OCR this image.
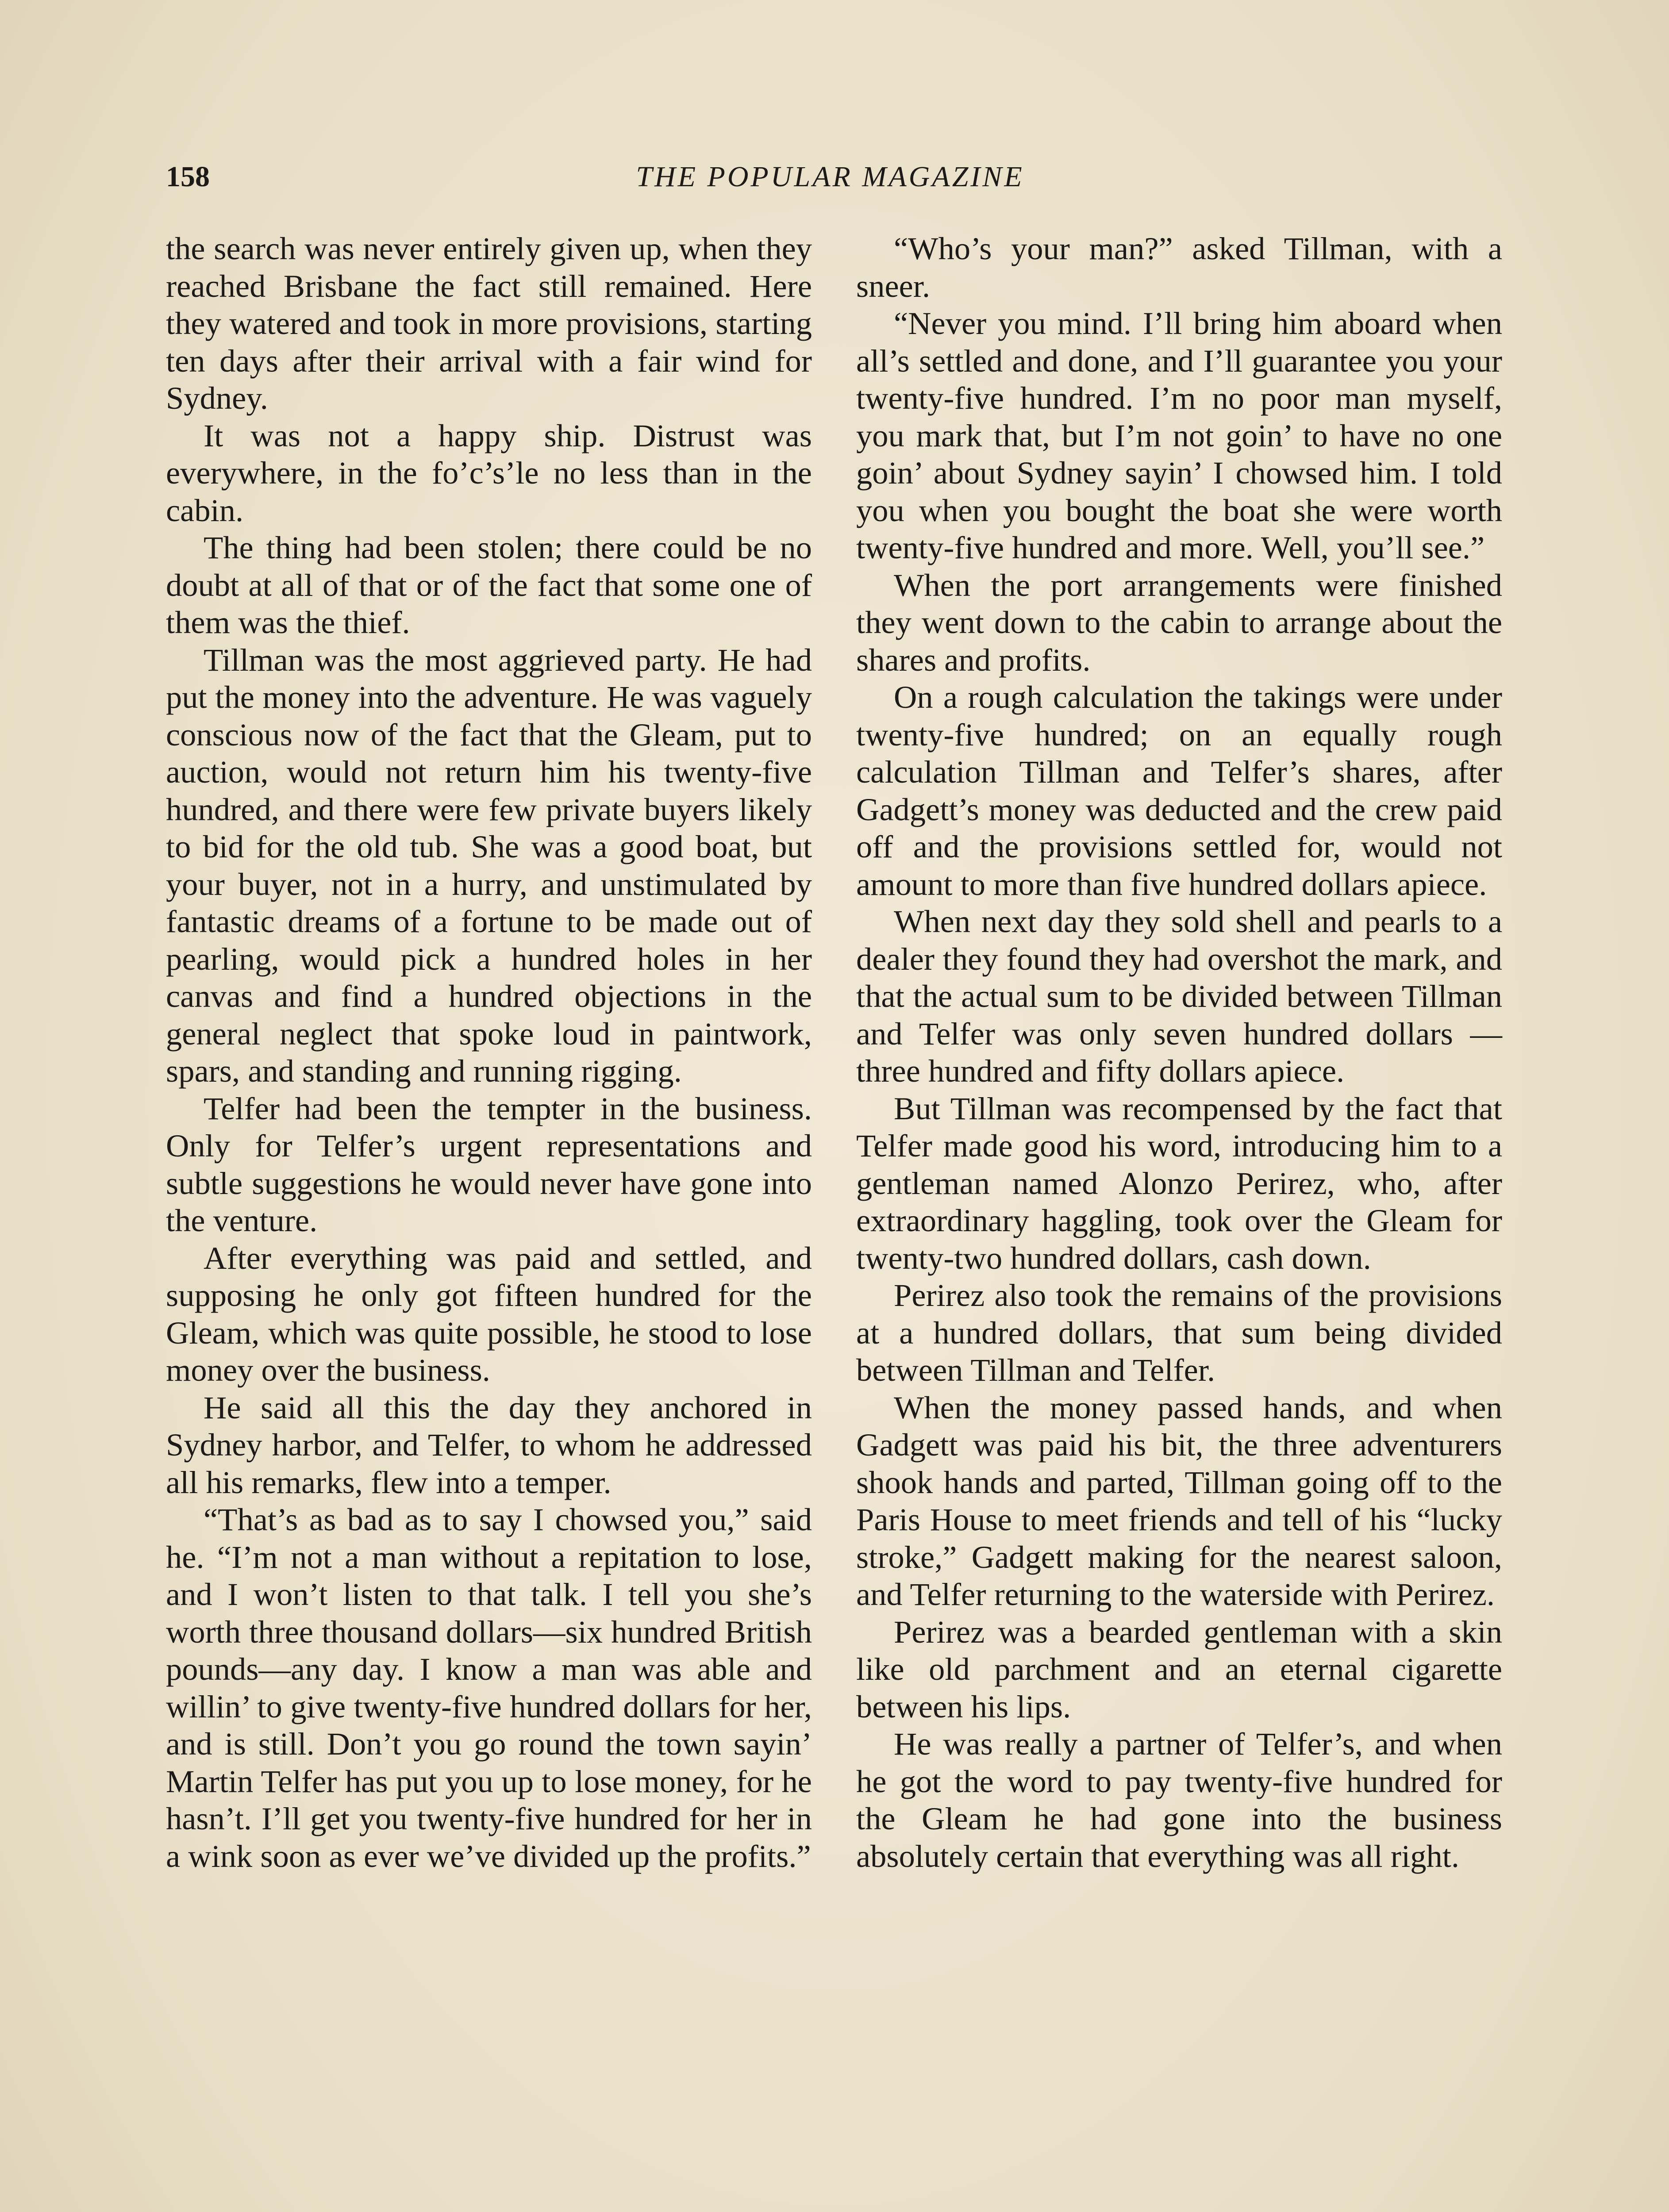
158	THE POPULAR MAGAZINE

the search was never entirely given up, when they reached Brisbane the fact still remained. Here they watered and took in more provisions, starting ten days after their arrival with a fair wind for Sydney.

It was not a happy ship. Distrust was everywhere, in the fo’c’s’le no less than in the cabin.

The thing had been stolen; there could be no doubt at all of that or of the fact that some one of them was the thief.

Tillman was the most aggrieved party. He had put the money into the adventure. He was vaguely conscious now of the fact that the Gleam, put to auction, would not return him his twenty-five hundred, and there were few private buyers likely to bid for the old tub. She was a good boat, but your buyer, not in a hurry, and unstimulated by fantastic dreams of a fortune to be made out of pearling, would pick a hundred holes in her canvas and find a hundred objections in the general neglect that spoke loud in paintwork, spars, and standing and running rigging.

Telfer had been the tempter in the business. Only for Telfer’s urgent representations and subtle suggestions he would never have gone into the venture.

After everything was paid and settled, and supposing he only got fifteen hundred for the Gleam, which was quite possible, he stood to lose money over the business.

He said all this the day they anchored in Sydney harbor, and Telfer, to whom he addressed all his remarks, flew into a temper.

“That’s as bad as to say I chowsed you,” said he. “I’m not a man without a repitation to lose, and I won’t listen to that talk. I tell you she’s worth three thousand dollars—six hundred British pounds—any day. I know a man was able and willin’ to give twenty-five hundred dollars for her, and is still. Don’t you go round the town sayin’ Martin Telfer has put you up to lose money, for he hasn’t. I’ll get you twenty-five hundred for her in a wink soon as ever we’ve divided up the profits.”

“Who’s your man?” asked Tillman, with a sneer.

“Never you mind. I’ll bring him aboard when all’s settled and done, and I’ll guarantee you your twenty-five hundred. I’m no poor man myself, you mark that, but I’m not goin’ to have no one goin’ about Sydney sayin’ I chowsed him. I told you when you bought the boat she were worth twenty-five hundred and more. Well, you’ll see.”

When the port arrangements were finished they went down to the cabin to arrange about the shares and profits.

On a rough calculation the takings were under twenty-five hundred; on an equally rough calculation Tillman and Telfer’s shares, after Gadgett’s money was deducted and the crew paid off and the provisions settled for, would not amount to more than five hundred dollars apiece.

When next day they sold shell and pearls to a dealer they found they had overshot the mark, and that the actual sum to be divided between Tillman and Telfer was only seven hundred dollars —three hundred and fifty dollars apiece.

But Tillman was recompensed by the fact that Telfer made good his word, introducing him to a gentleman named Alonzo Perirez, who, after extraordinary haggling, took over the Gleam for twenty-two hundred dollars, cash down.

Perirez also took the remains of the provisions at a hundred dollars, that sum being divided between Tillman and Telfer.

When the money passed hands, and when Gadgett was paid his bit, the three adventurers shook hands and parted, Tillman going off to the Paris House to meet friends and tell of his “lucky stroke,” Gadgett making for the nearest saloon, and Telfer returning to the waterside with Perirez.

Perirez was a bearded gentleman with a skin like old parchment and an eternal cigarette between his lips.

He was really a partner of Telfer’s, and when he got the word to pay twenty-five hundred for the Gleam he had gone into the business absolutely certain that everything was all right.
